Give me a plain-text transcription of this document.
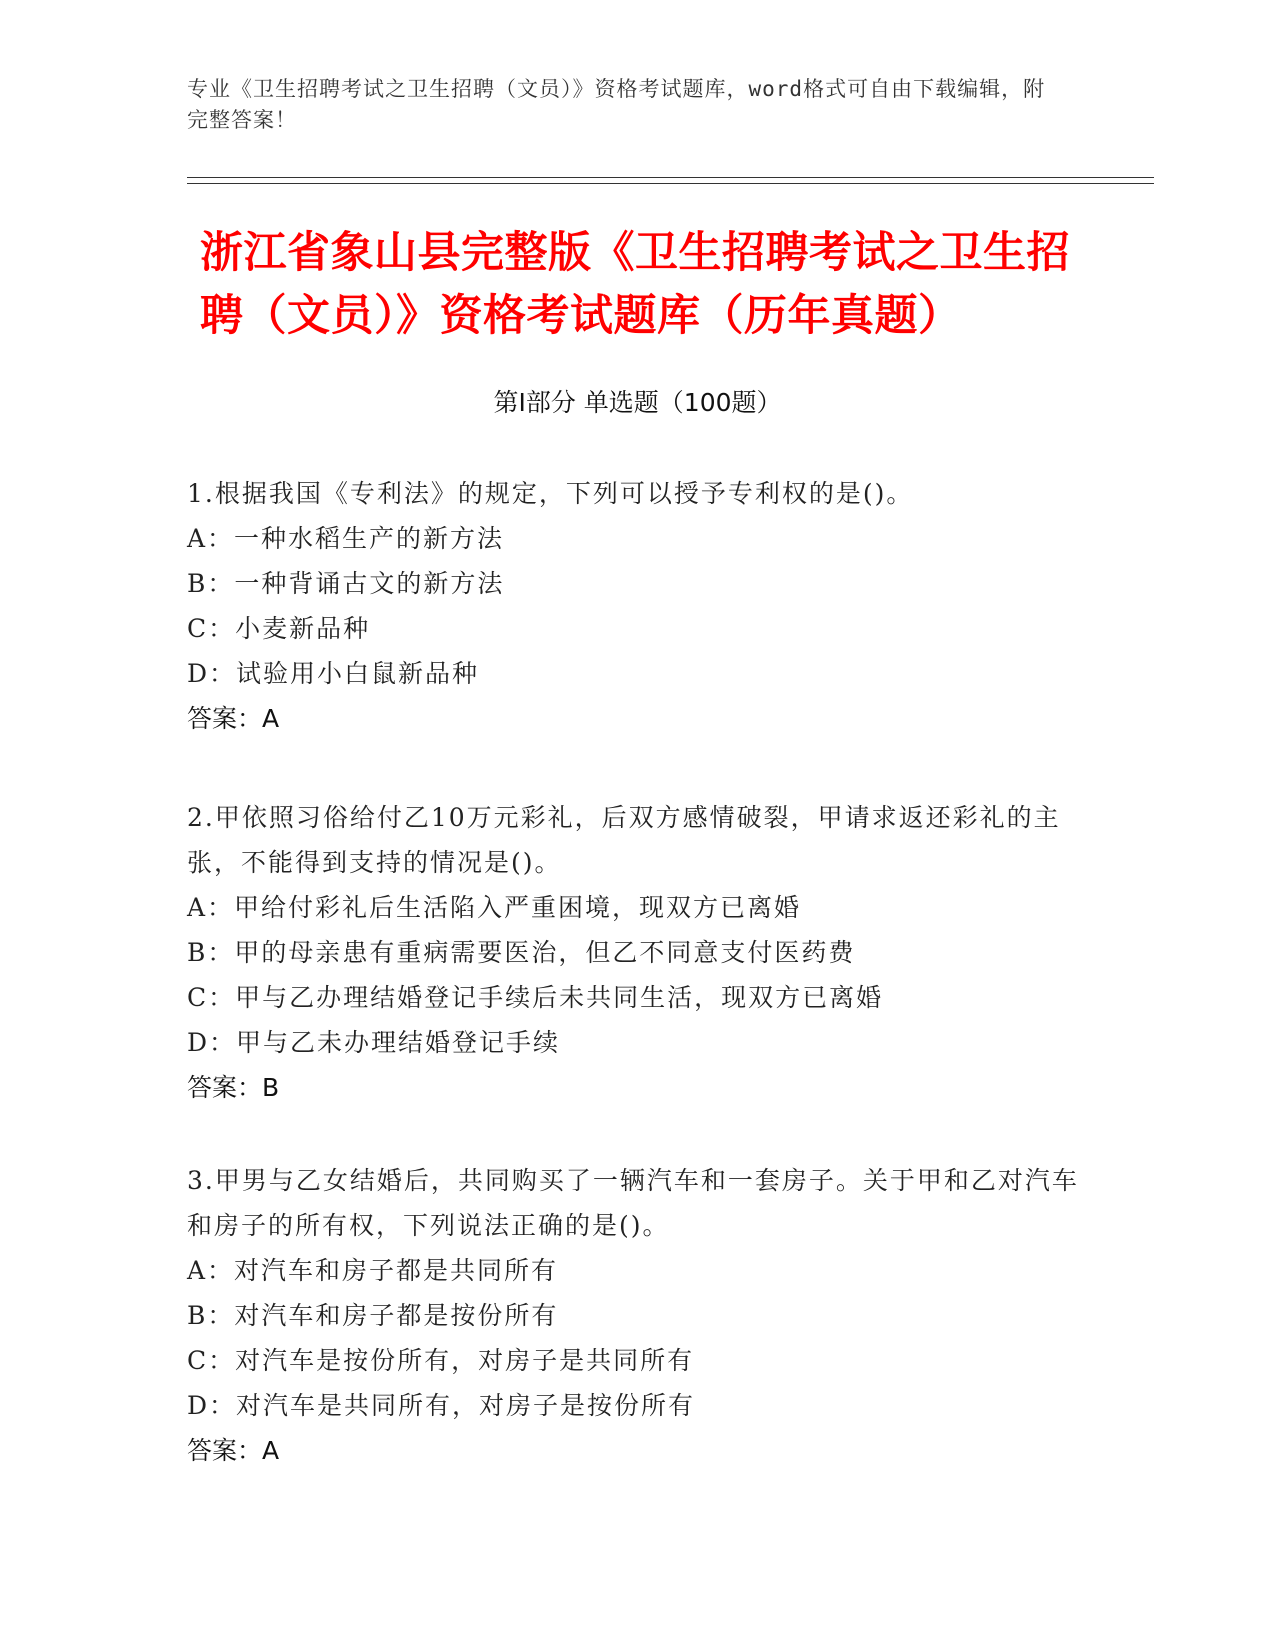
专业《卫生招聘考试之卫生招聘（文员）》资格考试题库，word格式可自由下载编辑，附完整答案！
浙江省象山县完整版《卫生招聘考试之卫生招聘（文员）》资格考试题库（历年真题）
第Ⅰ部分 单选题（100题）
1.根据我国《专利法》的规定，下列可以授予专利权的是()。
A：一种水稻生产的新方法
B：一种背诵古文的新方法
C：小麦新品种
D：试验用小白鼠新品种
答案：A
2.甲依照习俗给付乙10万元彩礼，后双方感情破裂，甲请求返还彩礼的主张，不能得到支持的情况是()。
A：甲给付彩礼后生活陷入严重困境，现双方已离婚
B：甲的母亲患有重病需要医治，但乙不同意支付医药费
C：甲与乙办理结婚登记手续后未共同生活，现双方已离婚
D：甲与乙未办理结婚登记手续
答案：B
3.甲男与乙女结婚后，共同购买了一辆汽车和一套房子。关于甲和乙对汽车和房子的所有权，下列说法正确的是()。
A：对汽车和房子都是共同所有
B：对汽车和房子都是按份所有
C：对汽车是按份所有，对房子是共同所有
D：对汽车是共同所有，对房子是按份所有
答案：A
